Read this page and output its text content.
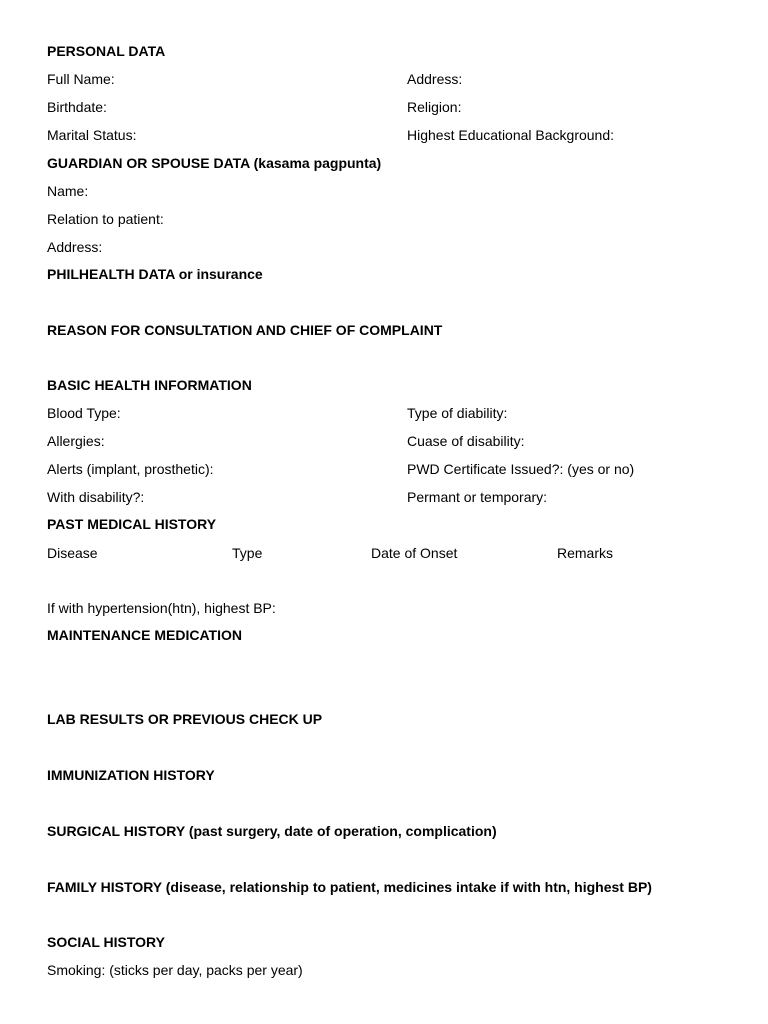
PERSONAL DATA
Full Name:	Address:
Birthdate:	Religion:
Marital Status:	Highest Educational Background:
GUARDIAN OR SPOUSE DATA (kasama pagpunta)
Name:
Relation to patient:
Address:
PHILHEALTH DATA or insurance
REASON FOR CONSULTATION AND CHIEF OF COMPLAINT
BASIC HEALTH INFORMATION
Blood Type:	Type of diability:
Allergies:	Cuase of disability:
Alerts (implant, prosthetic):	PWD Certificate Issued?: (yes or no)
With disability?:	Permant or temporary:
PAST MEDICAL HISTORY
Disease	Type	Date of Onset	Remarks
If with hypertension(htn), highest BP:
MAINTENANCE MEDICATION
LAB RESULTS OR PREVIOUS CHECK UP
IMMUNIZATION HISTORY
SURGICAL HISTORY (past surgery, date of operation, complication)
FAMILY HISTORY (disease, relationship to patient, medicines intake if with htn, highest BP)
SOCIAL HISTORY
Smoking: (sticks per day, packs per year)
